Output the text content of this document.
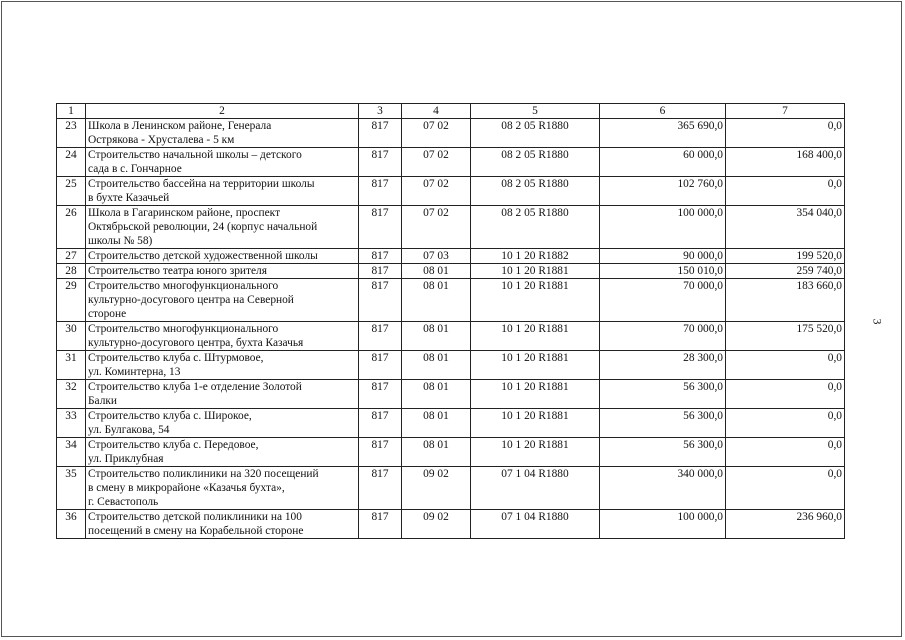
1	2	3	4	5	6	7
23	Школа в Ленинском районе, Генерала
Острякова - Хрусталева - 5 км	817	07 02	08 2 05 R1880	365 690,0	0,0
24	Строительство начальной школы – детского
сада в с. Гончарное	817	07 02	08 2 05 R1880	60 000,0	168 400,0
25	Строительство бассейна на территории школы
в бухте Казачьей	817	07 02	08 2 05 R1880	102 760,0	0,0
26	Школа в Гагаринском районе, проспект
Октябрьской революции, 24 (корпус начальной
школы № 58)	817	07 02	08 2 05 R1880	100 000,0	354 040,0
27	Строительство детской художественной школы	817	07 03	10 1 20 R1882	90 000,0	199 520,0
28	Строительство театра юного зрителя	817	08 01	10 1 20 R1881	150 010,0	259 740,0
29	Строительство многофункционального
культурно-досугового центра на Северной
стороне	817	08 01	10 1 20 R1881	70 000,0	183 660,0
30	Строительство многофункционального
культурно-досугового центра, бухта Казачья	817	08 01	10 1 20 R1881	70 000,0	175 520,0
31	Строительство клуба с. Штурмовое,
ул. Коминтерна, 13	817	08 01	10 1 20 R1881	28 300,0	0,0
32	Строительство клуба 1-е отделение Золотой
Балки	817	08 01	10 1 20 R1881	56 300,0	0,0
33	Строительство клуба с. Широкое,
ул. Булгакова, 54	817	08 01	10 1 20 R1881	56 300,0	0,0
34	Строительство клуба с. Передовое,
ул. Приклубная	817	08 01	10 1 20 R1881	56 300,0	0,0
35	Строительство поликлиники на 320 посещений
в смену в микрорайоне «Казачья бухта»,
г. Севастополь	817	09 02	07 1 04 R1880	340 000,0	0,0
36	Строительство детской поликлиники на 100
посещений в смену на Корабельной стороне	817	09 02	07 1 04 R1880	100 000,0	236 960,0
3
